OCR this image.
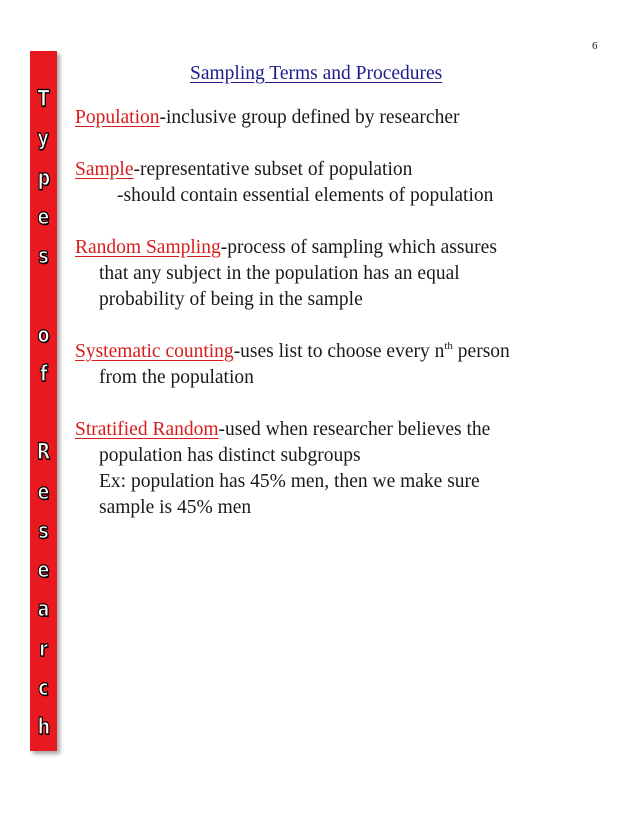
6
T
y
p
e
s
o
f
R
e
s
e
a
r
c
h
Sampling Terms and Procedures
Population-inclusive group defined by researcher
Sample-representative subset of population
-should contain essential elements of population
Random Sampling-process of sampling which assures
that any subject in the population has an equal
probability of being in the sample
Systematic counting-uses list to choose every $n^{th}$ person
from the population
Stratified Random-used when researcher believes the
population has distinct subgroups
Ex: population has 45% men, then we make sure
sample is 45% men
